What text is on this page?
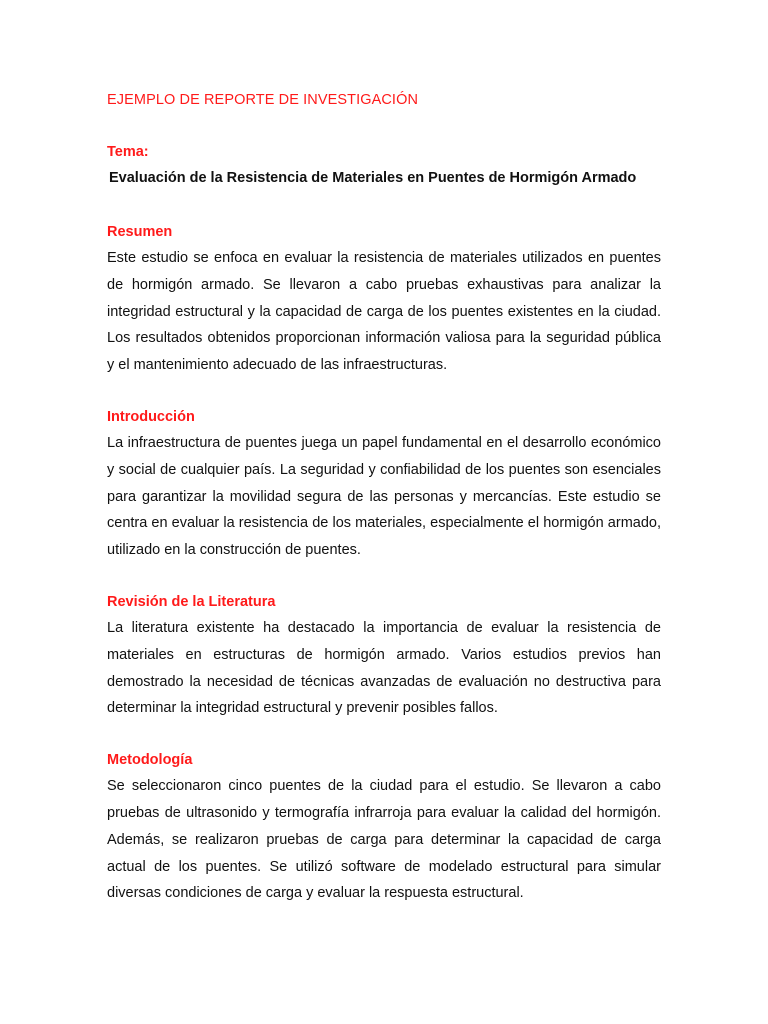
EJEMPLO DE REPORTE DE INVESTIGACIÓN
Tema:
Evaluación de la Resistencia de Materiales en Puentes de Hormigón Armado
Resumen

Este estudio se enfoca en evaluar la resistencia de materiales utilizados en puentes de hormigón armado. Se llevaron a cabo pruebas exhaustivas para analizar la integridad estructural y la capacidad de carga de los puentes existentes en la ciudad. Los resultados obtenidos proporcionan información valiosa para la seguridad pública y el mantenimiento adecuado de las infraestructuras.

Introducción

La infraestructura de puentes juega un papel fundamental en el desarrollo económico y social de cualquier país. La seguridad y confiabilidad de los puentes son esenciales para garantizar la movilidad segura de las personas y mercancías. Este estudio se centra en evaluar la resistencia de los materiales, especialmente el hormigón armado, utilizado en la construcción de puentes.

Revisión de la Literatura

La literatura existente ha destacado la importancia de evaluar la resistencia de materiales en estructuras de hormigón armado. Varios estudios previos han demostrado la necesidad de técnicas avanzadas de evaluación no destructiva para determinar la integridad estructural y prevenir posibles fallos.

Metodología

Se seleccionaron cinco puentes de la ciudad para el estudio. Se llevaron a cabo pruebas de ultrasonido y termografía infrarroja para evaluar la calidad del hormigón. Además, se realizaron pruebas de carga para determinar la capacidad de carga actual de los puentes. Se utilizó software de modelado estructural para simular diversas condiciones de carga y evaluar la respuesta estructural.
